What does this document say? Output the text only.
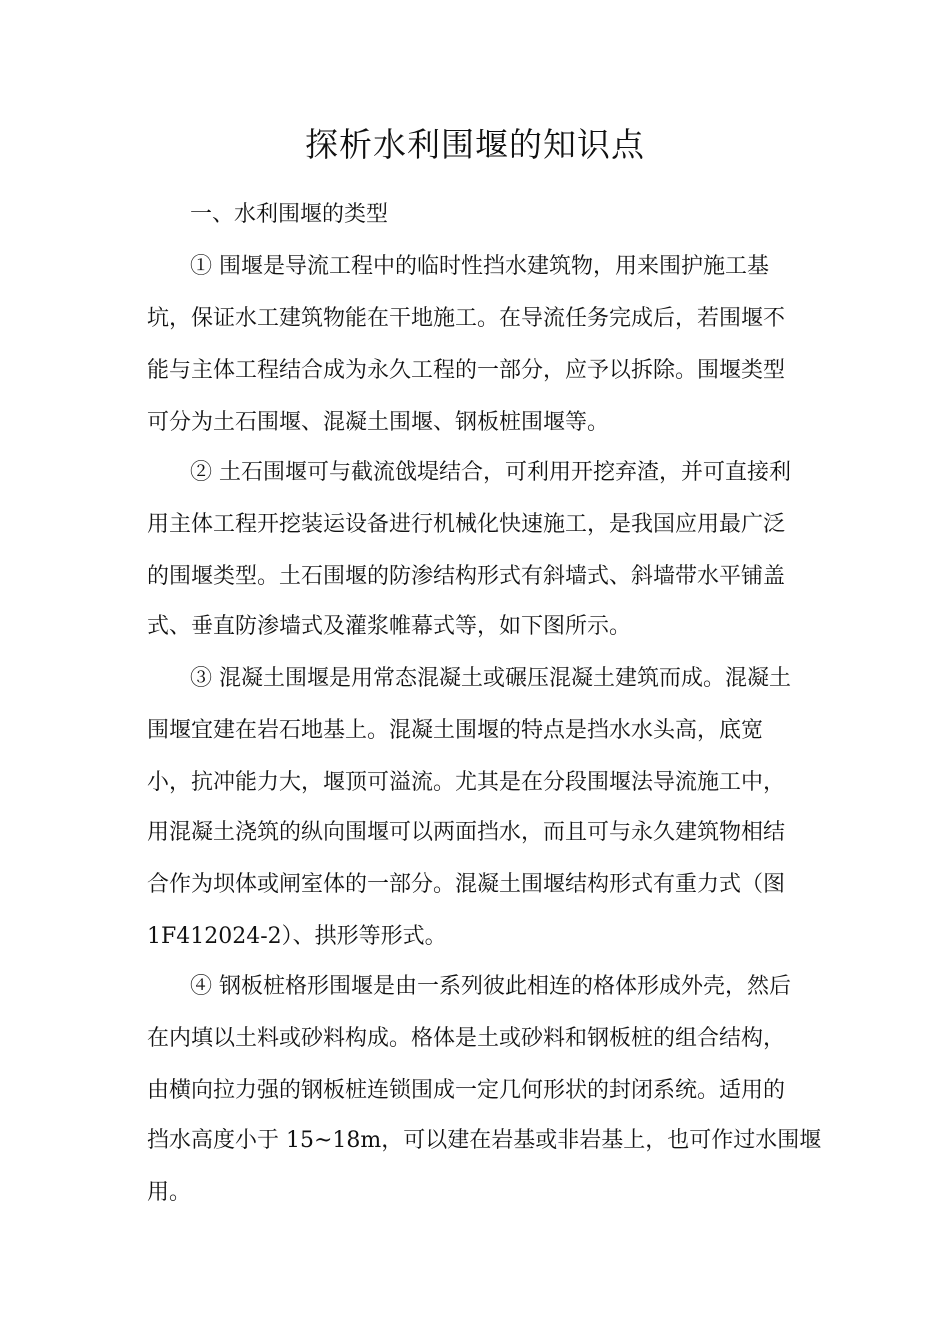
探析水利围堰的知识点
一、水利围堰的类型
① 围堰是导流工程中的临时性挡水建筑物，用来围护施工基
坑，保证水工建筑物能在干地施工。在导流任务完成后，若围堰不
能与主体工程结合成为永久工程的一部分，应予以拆除。围堰类型
可分为土石围堰、混凝土围堰、钢板桩围堰等。
② 土石围堰可与截流戗堤结合，可利用开挖弃渣，并可直接利
用主体工程开挖装运设备进行机械化快速施工，是我国应用最广泛
的围堰类型。土石围堰的防渗结构形式有斜墙式、斜墙带水平铺盖
式、垂直防渗墙式及灌浆帷幕式等，如下图所示。
③ 混凝土围堰是用常态混凝土或碾压混凝土建筑而成。混凝土
围堰宜建在岩石地基上。混凝土围堰的特点是挡水水头高，底宽
小，抗冲能力大，堰顶可溢流。尤其是在分段围堰法导流施工中，
用混凝土浇筑的纵向围堰可以两面挡水，而且可与永久建筑物相结
合作为坝体或闸室体的一部分。混凝土围堰结构形式有重力式（图
1F412024-2）、拱形等形式。
④ 钢板桩格形围堰是由一系列彼此相连的格体形成外壳，然后
在内填以土料或砂料构成。格体是土或砂料和钢板桩的组合结构，
由横向拉力强的钢板桩连锁围成一定几何形状的封闭系统。适用的
挡水高度小于 15~18m，可以建在岩基或非岩基上，也可作过水围堰
用。
